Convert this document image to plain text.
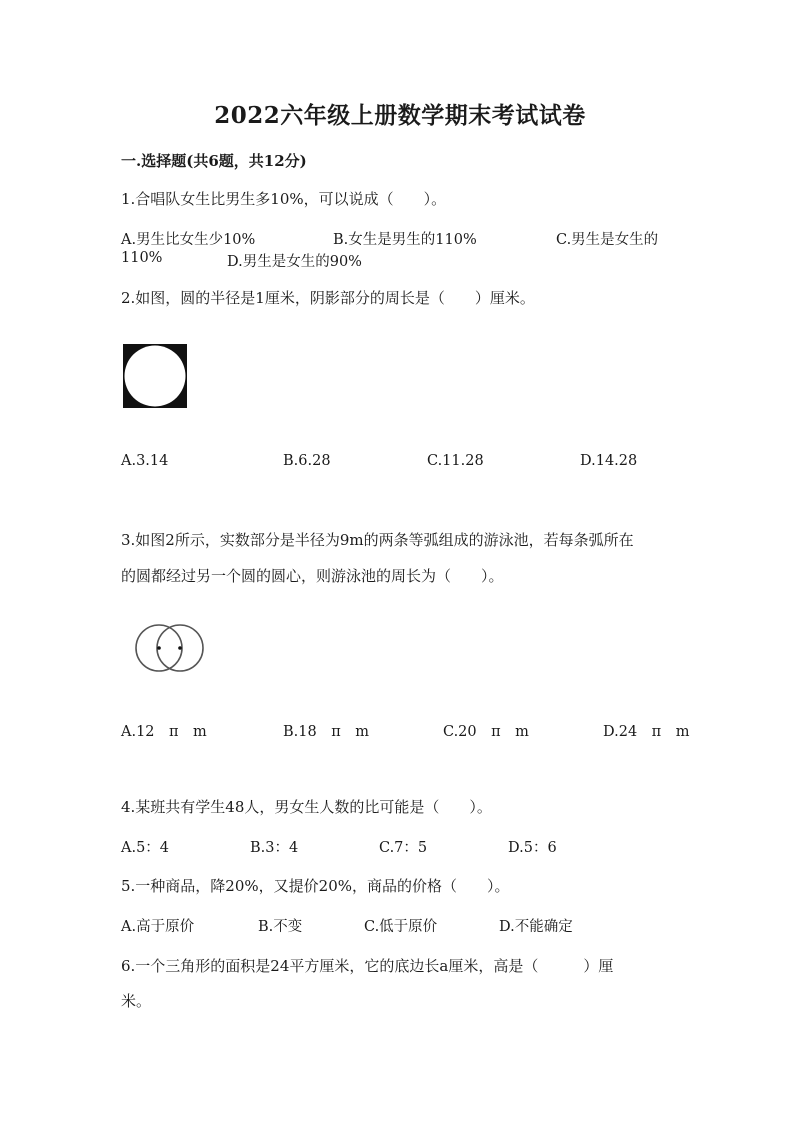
2022六年级上册数学期末考试试卷
一.选择题(共6题，共12分)
1.合唱队女生比男生多10%，可以说成（　　）。
A.男生比女生少10%	B.女生是男生的110%	C.男生是女生的
110%	D.男生是女生的90%
2.如图，圆的半径是1厘米，阴影部分的周长是（　　）厘米。
A.3.14	B.6.28	C.11.28	D.14.28
3.如图2所示，实数部分是半径为9m的两条等弧组成的游泳池，若每条弧所在
的圆都经过另一个圆的圆心，则游泳池的周长为（　　）。
A.12　π　m	B.18　π　m	C.20　π　m	D.24　π　m
4.某班共有学生48人，男女生人数的比可能是（　　）。
A.5：4	B.3：4	C.7：5	D.5：6
5.一种商品，降20%，又提价20%，商品的价格（　　）。
A.高于原价	B.不变	C.低于原价	D.不能确定
6.一个三角形的面积是24平方厘米，它的底边长a厘米，高是（　　　）厘
米。
